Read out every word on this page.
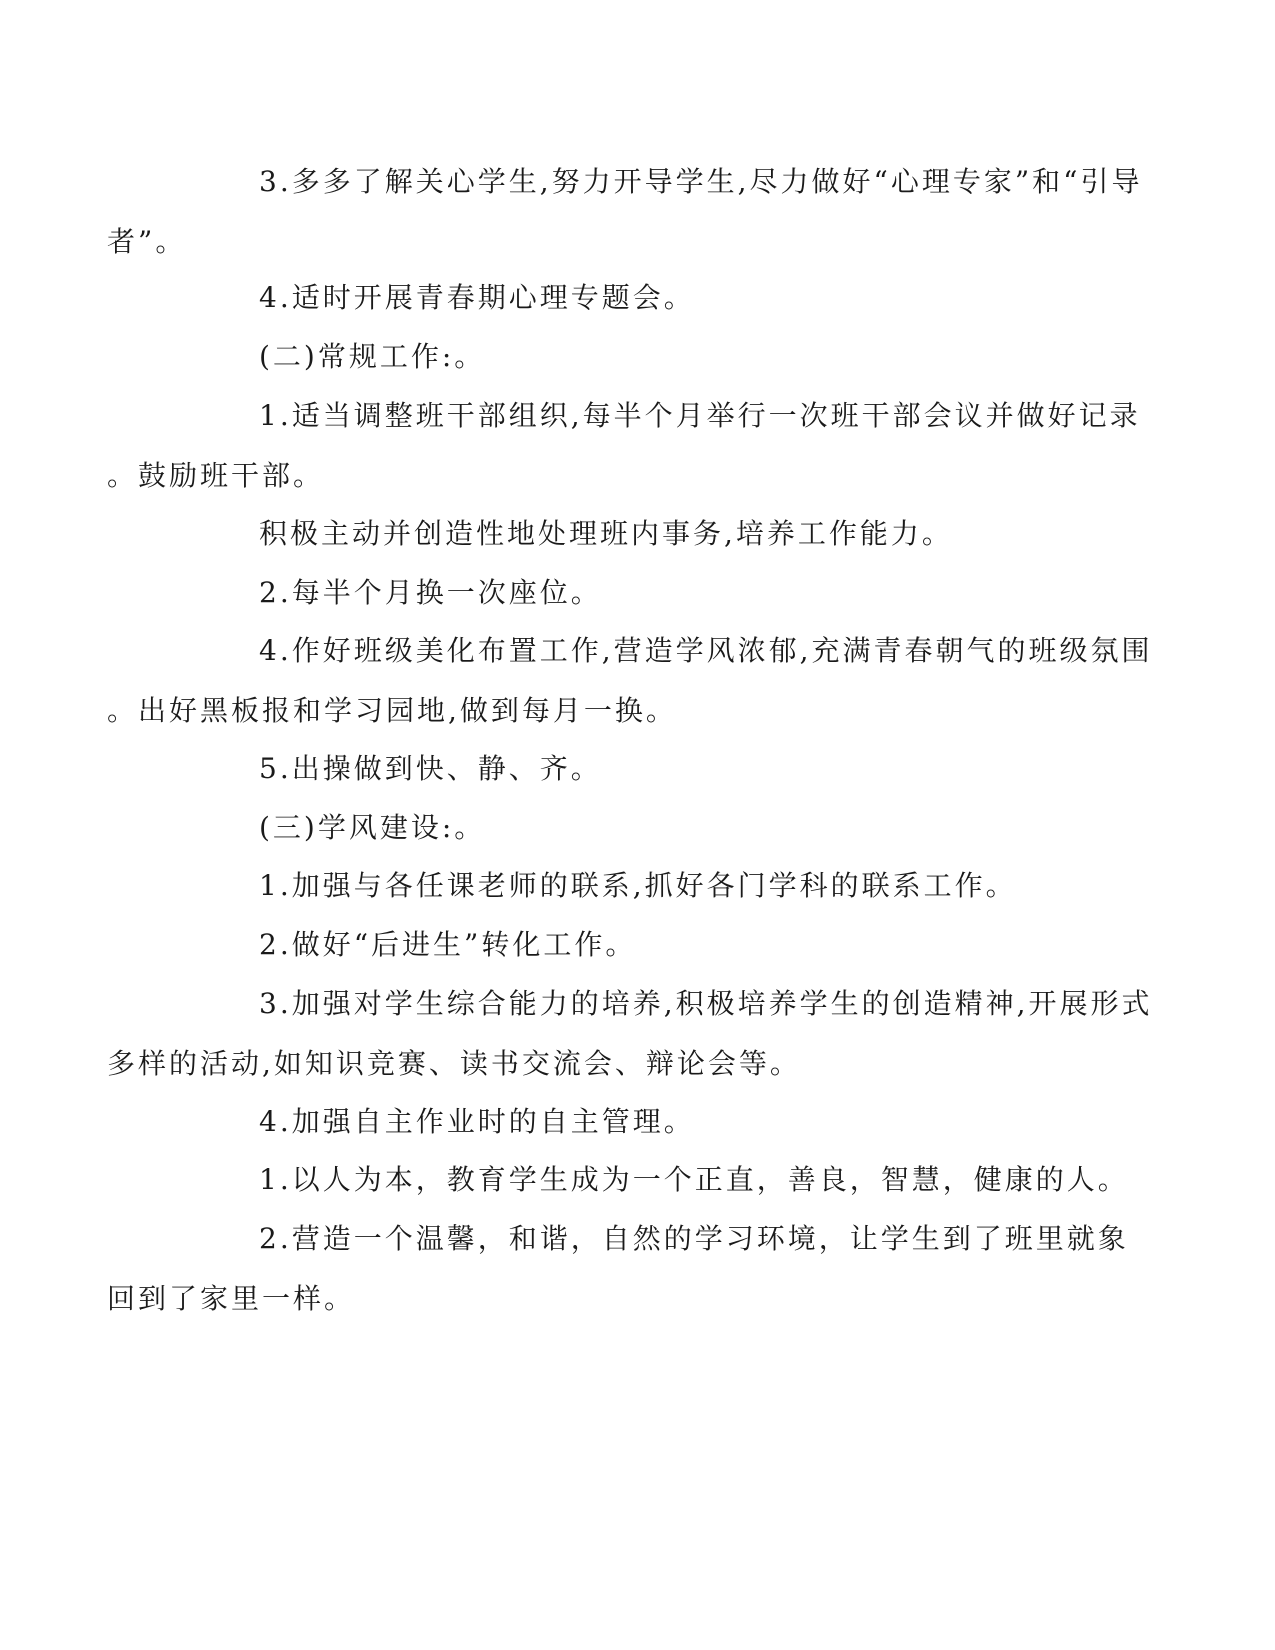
3.多多了解关心学生,努力开导学生,尽力做好“心理专家”和“引导
者”。

4.适时开展青春期心理专题会。

(二)常规工作:。

1.适当调整班干部组织,每半个月举行一次班干部会议并做好记录
。鼓励班干部。

积极主动并创造性地处理班内事务,培养工作能力。

2.每半个月换一次座位。

4.作好班级美化布置工作,营造学风浓郁,充满青春朝气的班级氛围
。出好黑板报和学习园地,做到每月一换。

5.出操做到快、静、齐。

(三)学风建设:。

1.加强与各任课老师的联系,抓好各门学科的联系工作。

2.做好“后进生”转化工作。

3.加强对学生综合能力的培养,积极培养学生的创造精神,开展形式
多样的活动,如知识竞赛、读书交流会、辩论会等。

4.加强自主作业时的自主管理。

1.以人为本，教育学生成为一个正直，善良，智慧，健康的人。

2.营造一个温馨，和谐，自然的学习环境，让学生到了班里就象
回到了家里一样。
